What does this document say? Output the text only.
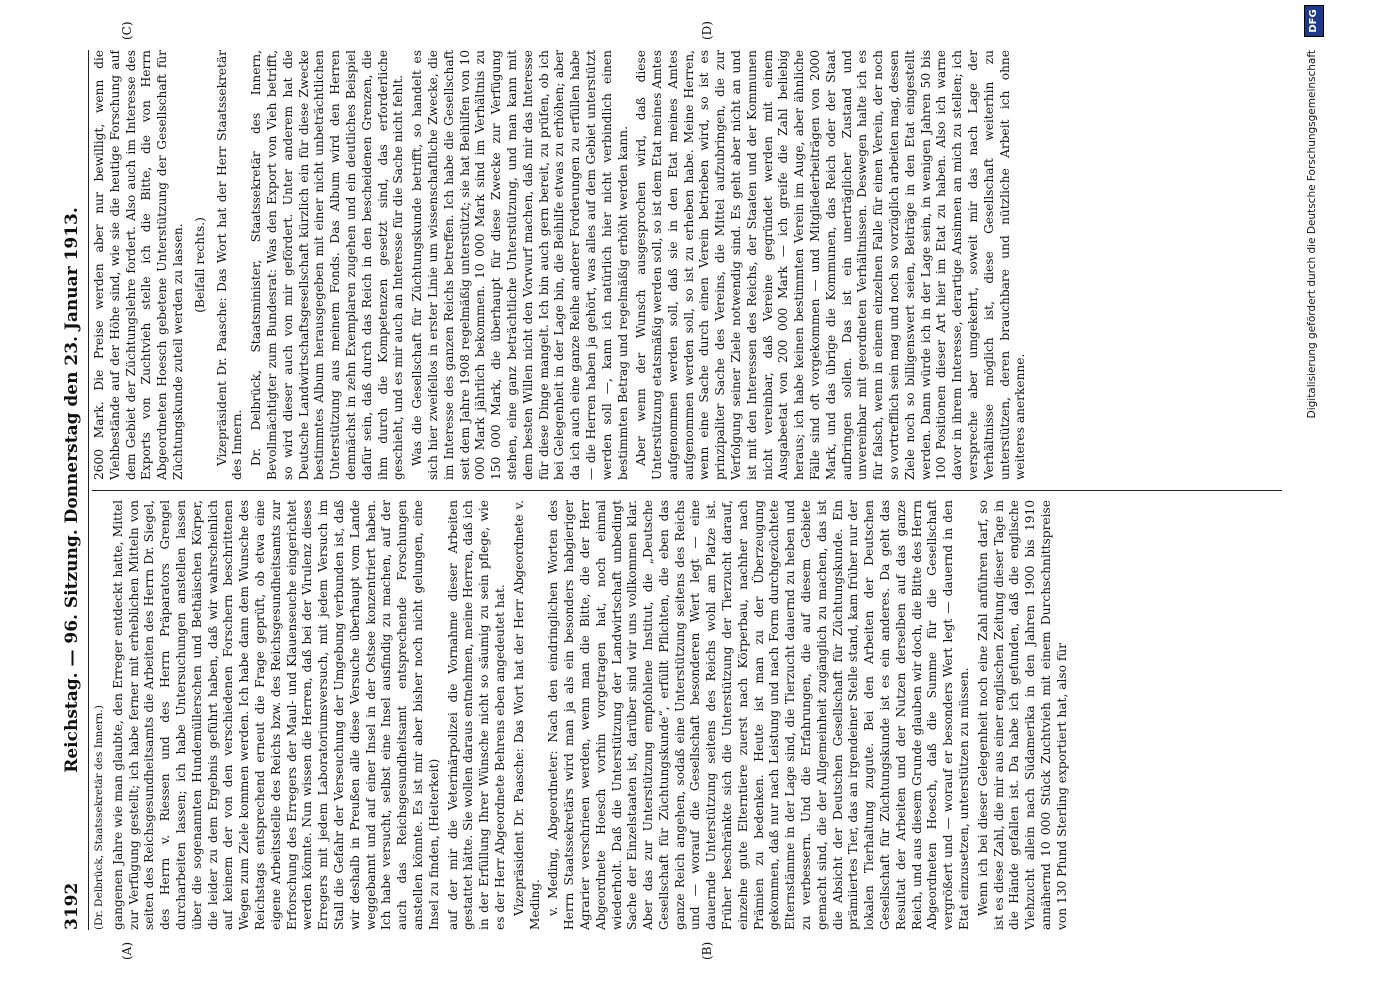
3192
Reichstag. — 96. Sitzung. Donnerstag den 23. Januar 1913.
(A)	(B)
(C)	(D)

(Dr. Delbrück, Staatssekretär des Innern.) gangenen Jahre wie man glaubte, den Erreger entdeckt hatte, Mittel zur Verfügung gestellt; ich habe ferner mit erheblichen Mitteln von seiten des Reichsgesundheitsamts die Arbeiten des Herrn Dr. Siegel, des Herrn v. Riessen und des Herrn Präparators Grengel durcharbeiten lassen; ich habe Untersuchungen anstellen lassen über die sogenannten Hundemüllerschen und Bethäischen Körper, die leider zu dem Ergebnis geführt haben, daß wir wahrscheinlich auf keinem der von den verschiedenen Forschern beschrittenen Wegen zum Ziele kommen werden. Ich habe dann dem Wunsche des Reichstags entsprechend erneut die Frage geprüft, ob etwa eine eigene Arbeitsstelle des Reichs bzw. des Reichsgesundheitsamts zur Erforschung des Erregers der Maul- und Klauenseuche eingerichtet werden könnte. Nun wissen die Herren, daß bei der Virulenz dieses Erregers mit jedem Laboratoriumsversuch, mit jedem Versuch im Stall die Gefahr der Verseuchung der Umgebung verbunden ist, daß wir deshalb in Preußen alle diese Versuche überhaupt vom Lande weggebannt und auf einer Insel in der Ostsee konzentriert haben. Ich habe versucht, selbst eine Insel ausfindig zu machen, auf der auch das Reichsgesundheitsamt entsprechende Forschungen anstellen könnte. Es ist mir aber bisher noch nicht gelungen, eine Insel zu finden, (Heiterkeit) auf der mir die Veterinärpolizei die Vornahme dieser Arbeiten gestattet hätte. Sie wollen daraus entnehmen, meine Herren, daß ich in der Erfüllung Ihrer Wünsche nicht so säumig zu sein pflege, wie es der Herr Abgeordnete Behrens eben angedeutet hat. Vizepräsident Dr. Paasche: Das Wort hat der Herr Abgeordnete v. Meding. v. Meding, Abgeordneter: Nach den eindringlichen Worten des Herrn Staatssekretärs wird man ja als ein besonders habgieriger Agrarier verschrieen werden, wenn man die Bitte, die der Herr Abgeordnete Hoesch vorhin vorgetragen hat, noch einmal wiederholt. Daß die Unterstützung der Landwirtschaft unbedingt Sache der Einzelstaaten ist, darüber sind wir uns vollkommen klar. Aber das zur Unterstützung empfohlene Institut, die „Deutsche Gesellschaft für Züchtungskunde“, erfüllt Pflichten, die eben das ganze Reich angehen, sodaß eine Unterstützung seitens des Reichs und — worauf die Gesellschaft besonderen Wert legt — eine dauernde Unterstützung seitens des Reichs wohl am Platze ist. Früher beschränkte sich die Unterstützung der Tierzucht darauf, einzelne gute Elterntiere zuerst nach Körperbau, nachher nach Prämien zu bedenken. Heute ist man zu der Überzeugung gekommen, daß nur nach Leistung und nach Form durchgezüchtete Elternstämme in der Lage sind, die Tierzucht dauernd zu heben und zu verbessern. Und die Erfahrungen, die auf diesem Gebiete gemacht sind, die der Allgemeinheit zugänglich zu machen, das ist die Absicht der Deutschen Gesellschaft für Züchtungskunde. Ein prämiiertes Tier, das an irgendeiner Stelle stand, kam früher nur der lokalen Tierhaltung zugute. Bei den Arbeiten der Deutschen Gesellschaft für Züchtungskunde ist es ein anderes. Da geht das Resultat der Arbeiten und der Nutzen derselben auf das ganze Reich, und aus diesem Grunde glauben wir doch, die Bitte des Herrn Abgeordneten Hoesch, daß die Summe für die Gesellschaft vergrößert und — worauf er besonders Wert legt — dauernd in den Etat einzusetzen, unterstützen zu müssen. Wenn ich bei dieser Gelegenheit noch eine Zahl anführen darf, so ist es diese Zahl, die mir aus einer englischen Zeitung dieser Tage in die Hände gefallen ist. Da habe ich gefunden, daß die englische Viehzucht allein nach Südamerika in den Jahren 1900 bis 1910 annähernd 10 000 Stück Zuchtvieh mit einem Durchschnittspreise von 130 Pfund Sterling exportiert hat, also für

2600 Mark. Die Preise werden aber nur bewilligt, wenn die Viehbestände auf der Höhe sind, wie sie die heutige Forschung auf dem Gebiet der Züchtungslehre fordert. Also auch im Interesse des Exports von Zuchtvieh stelle ich die Bitte, die von Herrn Abgeordneten Hoesch gebetene Unterstützung der Gesellschaft für Züchtungskunde zuteil werden zu lassen. (Beifall rechts.) Vizepräsident Dr. Paasche: Das Wort hat der Herr Staatssekretär des Innern. Dr. Delbrück, Staatsminister, Staatssekretär des Innern, Bevollmächtigter zum Bundesrat: Was den Export von Vieh betrifft, so wird dieser auch von mir gefördert. Unter anderem hat die Deutsche Landwirtschaftsgesellschaft kürzlich ein für diese Zwecke bestimmtes Album herausgegeben mit einer nicht unbeträchtlichen Unterstützung aus meinem Fonds. Das Album wird den Herren demnächst in zehn Exemplaren zugehen und ein deutliches Beispiel dafür sein, daß durch das Reich in den bescheidenen Grenzen, die ihm durch die Kompetenzen gesetzt sind, das erforderliche geschieht, und es mir auch an Interesse für die Sache nicht fehlt. Was die Gesellschaft für Züchtungskunde betrifft, so handelt es sich hier zweifellos in erster Linie um wissenschaftliche Zwecke, die im Interesse des ganzen Reichs betreffen. Ich habe die Gesellschaft seit dem Jahre 1908 regelmäßig unterstützt; sie hat Beihilfen von 10 000 Mark jährlich bekommen. 10 000 Mark sind im Verhältnis zu 150 000 Mark, die überhaupt für diese Zwecke zur Verfügung stehen, eine ganz beträchtliche Unterstützung, und man kann mit dem besten Willen nicht den Vorwurf machen, daß mir das Interesse für diese Dinge mangelt. Ich bin auch gern bereit, zu prüfen, ob ich bei Gelegenheit in der Lage bin, die Beihilfe etwas zu erhöhen; aber da ich auch eine ganze Reihe anderer Forderungen zu erfüllen habe — die Herren haben ja gehört, was alles auf dem Gebiet unterstützt werden soll —, kann ich natürlich hier nicht verbindlich einen bestimmten Betrag und regelmäßig erhöht werden kann. Aber wenn der Wunsch ausgesprochen wird, daß diese Unterstützung etatsmäßig werden soll, so ist dem Etat meines Amtes aufgenommen werden soll, daß sie in den Etat meines Amtes aufgenommen werden soll, so ist zu erheben habe. Meine Herren, wenn eine Sache durch einen Verein betrieben wird, so ist es prinzipaliter Sache des Vereins, die Mittel aufzubringen, die zur Verfolgung seiner Ziele notwendig sind. Es geht aber nicht an und ist mit den Interessen des Reichs, der Staaten und der Kommunen nicht vereinbar, daß Vereine gegründet werden mit einem Ausgabeetat von 200 000 Mark — ich greife die Zahl beliebig heraus; ich habe keinen bestimmten Verein im Auge, aber ähnliche Fälle sind oft vorgekommen — und Mitgliederbeiträgen von 2000 Mark, und das übrige die Kommunen, das Reich oder der Staat aufbringen sollen. Das ist ein unerträglicher Zustand und unvereinbar mit geordneten Verhältnissen. Deswegen halte ich es für falsch, wenn in einem einzelnen Falle für einen Verein, der noch so vortrefflich sein mag und noch so vorzüglich arbeiten mag, dessen Ziele noch so billigenswert seien, Beiträge in den Etat eingestellt werden. Dann würde ich in der Lage sein, in wenigen Jahren 50 bis 100 Positionen dieser Art hier im Etat zu haben. Also ich warne davor in ihrem Interesse, derartige Ansinnen an mich zu stellen; ich verspreche aber umgekehrt, soweit mir das nach Lage der Verhältnisse möglich ist, diese Gesellschaft weiterhin zu unterstützen, deren brauchbare und nützliche Arbeit ich ohne weiteres anerkenne.	Digitalisierung gefördert durch die Deutsche Forschungsgemeinschaft
DFG
